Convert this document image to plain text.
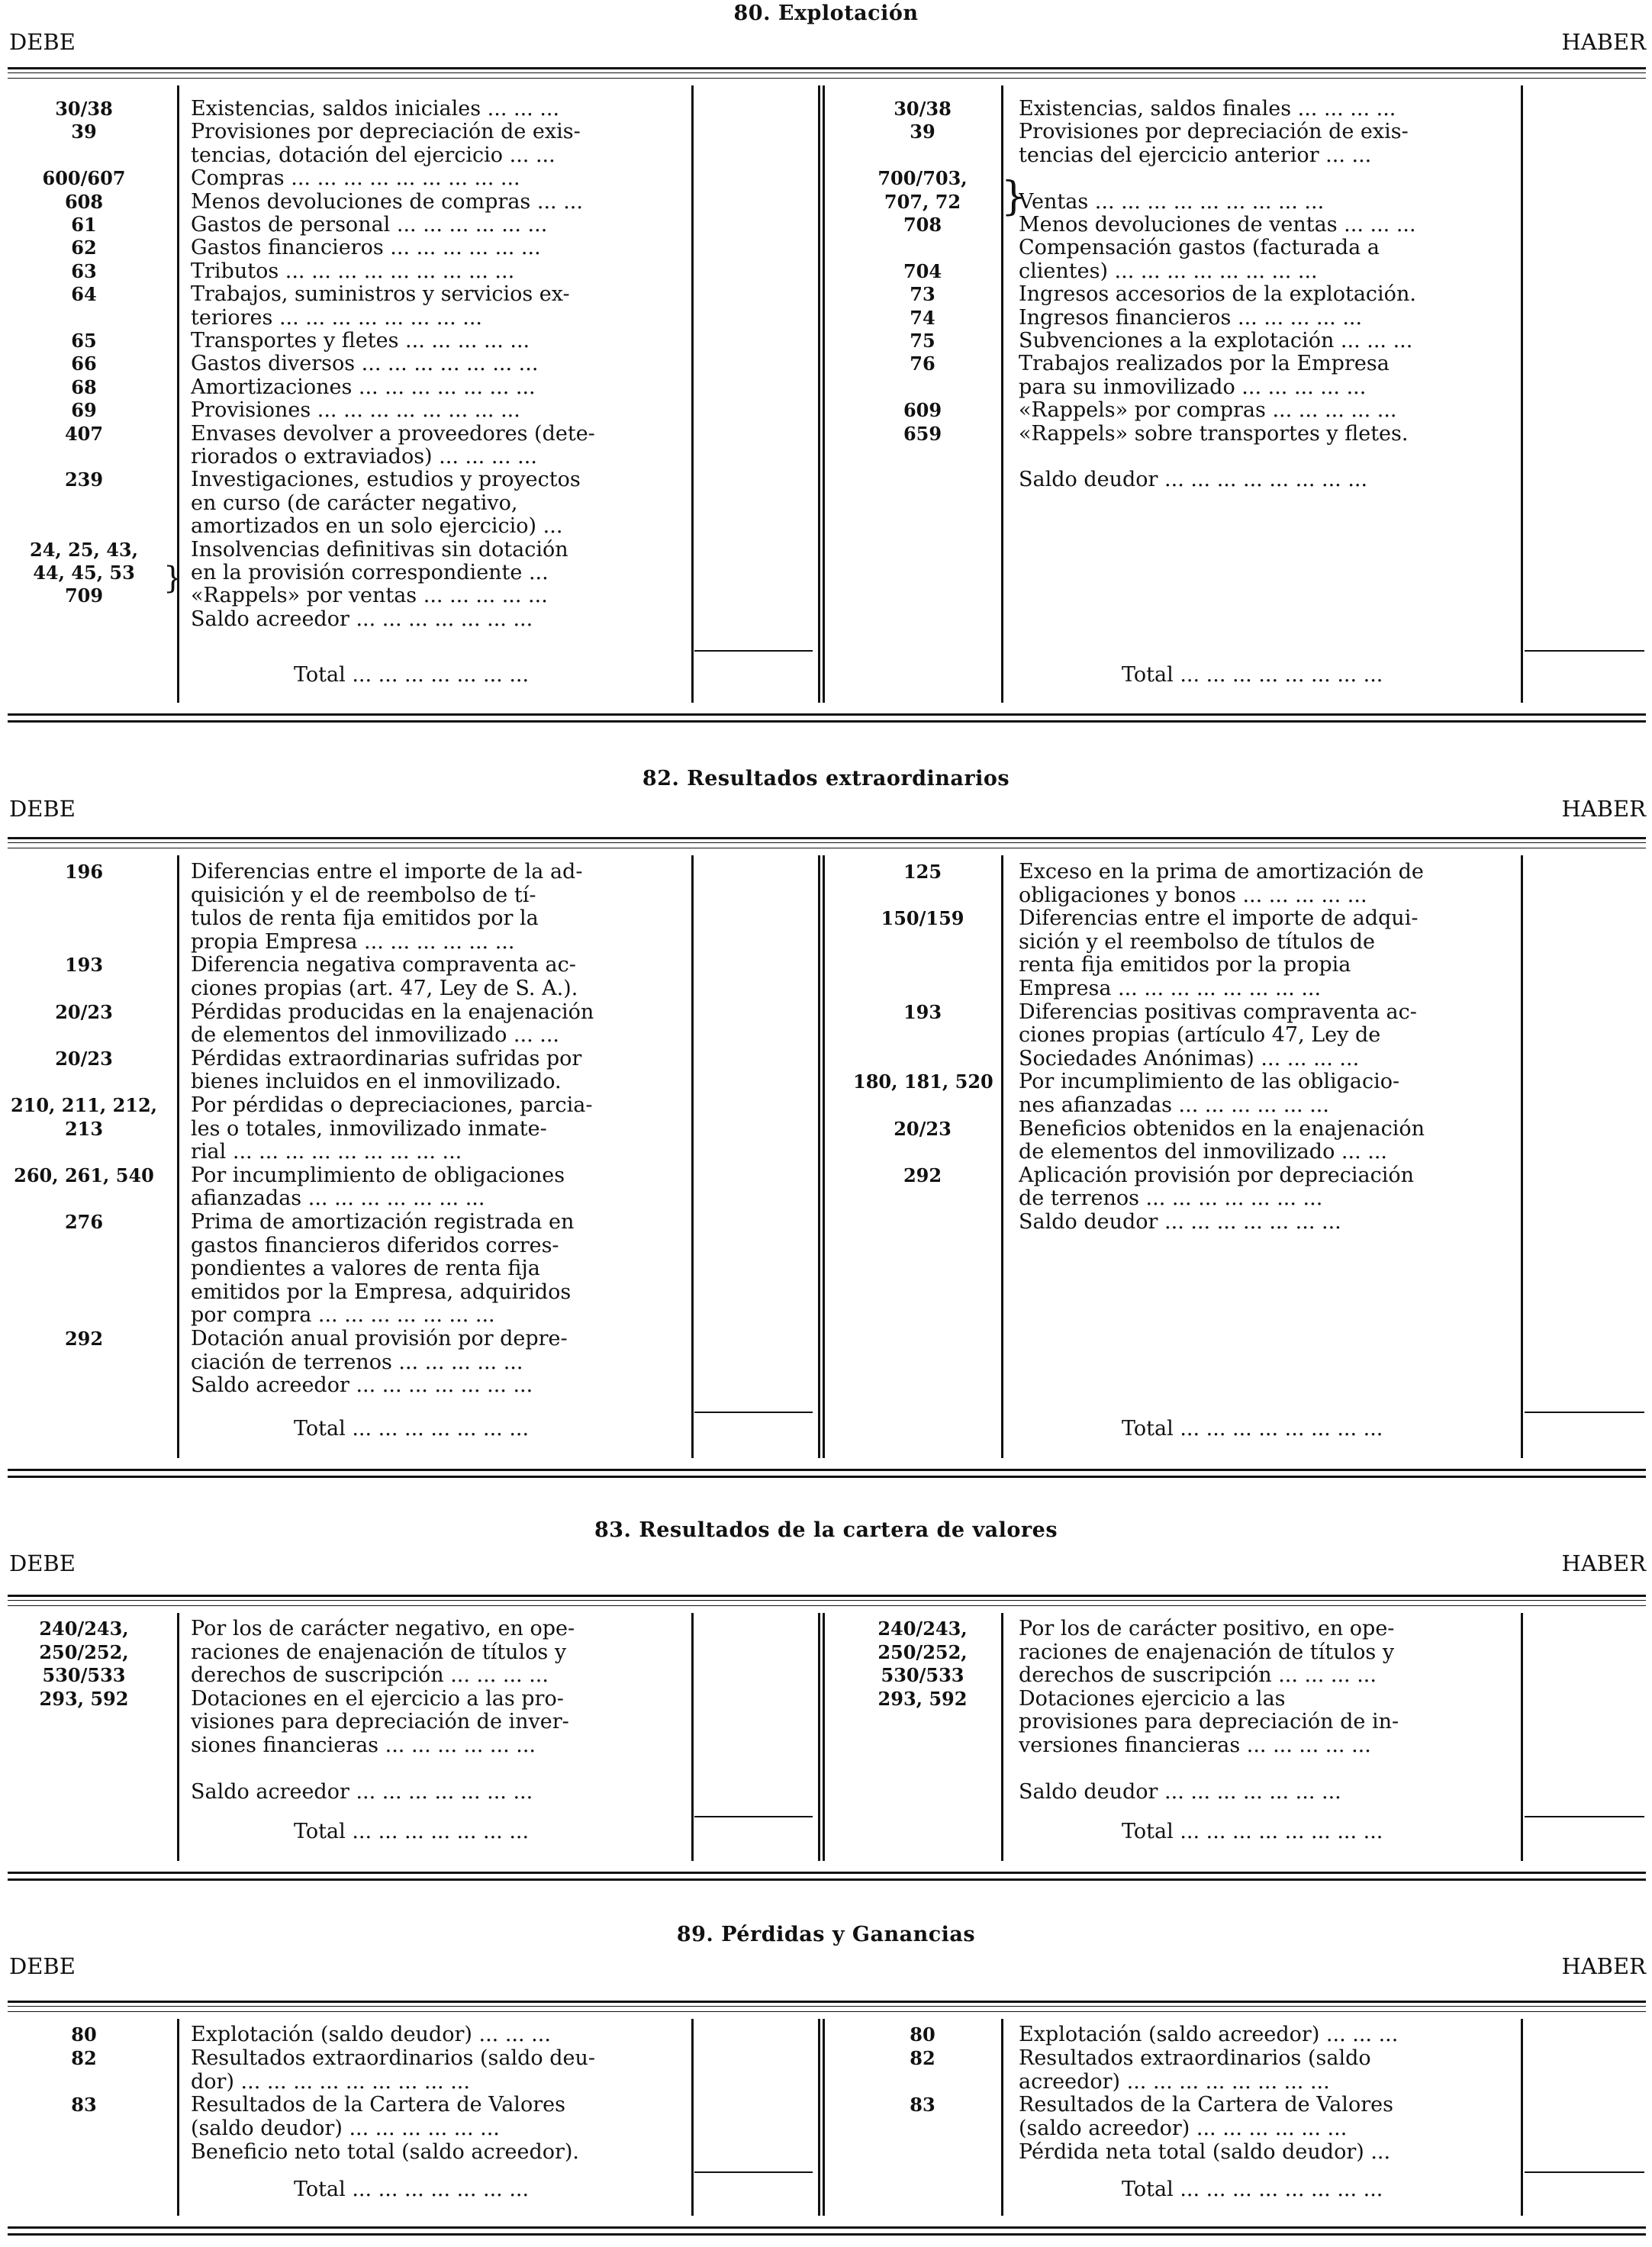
80. Explotación
DEBE	HABER
30/38	Existencias, saldos iniciales ... ... ...
39	Provisiones por depreciación de exis-
tencias, dotación del ejercicio ... ...
600/607	Compras ... ... ... ... ... ... ... ... ...
608	Menos devoluciones de compras ... ...
61	Gastos de personal ... ... ... ... ... ...
62	Gastos financieros ... ... ... ... ... ...
63	Tributos ... ... ... ... ... ... ... ... ...
64	Trabajos, suministros y servicios ex-
teriores ... ... ... ... ... ... ... ...
65	Transportes y fletes ... ... ... ... ...
66	Gastos diversos ... ... ... ... ... ... ...
68	Amortizaciones ... ... ... ... ... ... ...
69	Provisiones ... ... ... ... ... ... ... ...
407	Envases devolver a proveedores (dete-
riorados o extraviados) ... ... ... ...
239	Investigaciones, estudios y proyectos
en curso (de carácter negativo,
amortizados en un solo ejercicio) ...
24, 25, 43,	Insolvencias definitivas sin dotación
44, 45, 53	en la provisión correspondiente ...
709	«Rappels» por ventas ... ... ... ... ...
Saldo acreedor ... ... ... ... ... ... ...
30/38	Existencias, saldos finales ... ... ... ...
39	Provisiones por depreciación de exis-
tencias del ejercicio anterior ... ...
700/703,
707, 72	Ventas ... ... ... ... ... ... ... ... ...
708	Menos devoluciones de ventas ... ... ...
Compensación gastos (facturada a
704	clientes) ... ... ... ... ... ... ... ...
73	Ingresos accesorios de la explotación.
74	Ingresos financieros ... ... ... ... ...
75	Subvenciones a la explotación ... ... ...
76	Trabajos realizados por la Empresa
para su inmovilizado ... ... ... ... ...
609	«Rappels» por compras ... ... ... ... ...
659	«Rappels» sobre transportes y fletes.
Saldo deudor ... ... ... ... ... ... ... ...
Total ... ... ... ... ... ... ...	Total ... ... ... ... ... ... ... ...
82. Resultados extraordinarios
DEBE	HABER
196	Diferencias entre el importe de la ad-
quisición y el de reembolso de tí-
tulos de renta fija emitidos por la
propia Empresa ... ... ... ... ... ...
193	Diferencia negativa compraventa ac-
ciones propias (art. 47, Ley de S. A.).
20/23	Pérdidas producidas en la enajenación
de elementos del inmovilizado ... ...
20/23	Pérdidas extraordinarias sufridas por
bienes incluidos en el inmovilizado.
210, 211, 212, Por pérdidas o depreciaciones, parcia-
213	les o totales, inmovilizado inmate-
rial ... ... ... ... ... ... ... ... ...
260, 261, 540	Por incumplimiento de obligaciones
afianzadas ... ... ... ... ... ... ...
276	Prima de amortización registrada en
gastos financieros diferidos corres-
pondientes a valores de renta fija
emitidos por la Empresa, adquiridos
por compra ... ... ... ... ... ... ...
292	Dotación anual provisión por depre-
ciación de terrenos ... ... ... ... ...
Saldo acreedor ... ... ... ... ... ... ...
125	Exceso en la prima de amortización de
obligaciones y bonos ... ... ... ... ...
150/159	Diferencias entre el importe de adqui-
sición y el reembolso de títulos de
renta fija emitidos por la propia
Empresa ... ... ... ... ... ... ... ...
193	Diferencias positivas compraventa ac-
ciones propias (artículo 47, Ley de
Sociedades Anónimas) ... ... ... ...
180, 181, 520 Por incumplimiento de las obligacio-
nes afianzadas ... ... ... ... ... ...
20/23	Beneficios obtenidos en la enajenación
de elementos del inmovilizado ... ...
292	Aplicación provisión por depreciación
de terrenos ... ... ... ... ... ... ...
Saldo deudor ... ... ... ... ... ... ...
Total ... ... ... ... ... ... ...	Total ... ... ... ... ... ... ... ...
83. Resultados de la cartera de valores
DEBE	HABER
240/243,	Por los de carácter negativo, en ope-
250/252,	raciones de enajenación de títulos y
530/533	derechos de suscripción ... ... ... ...
293, 592	Dotaciones en el ejercicio a las pro-
visiones para depreciación de inver-
siones financieras ... ... ... ... ... ...
Saldo acreedor ... ... ... ... ... ... ...
240/243,	Por los de carácter positivo, en ope-
250/252,	raciones de enajenación de títulos y
530/533	derechos de suscripción ... ... ... ...
293, 592	Dotaciones ejercicio a las
provisiones para depreciación de in-
versiones financieras ... ... ... ... ...
Saldo deudor ... ... ... ... ... ... ...
Total ... ... ... ... ... ... ...	Total ... ... ... ... ... ... ... ...
89. Pérdidas y Ganancias
DEBE	HABER
80	Explotación (saldo deudor) ... ... ...
82	Resultados extraordinarios (saldo deu-
dor) ... ... ... ... ... ... ... ... ...
83	Resultados de la Cartera de Valores
(saldo deudor) ... ... ... ... ... ...
Beneficio neto total (saldo acreedor).
80	Explotación (saldo acreedor) ... ... ...
82	Resultados extraordinarios (saldo
acreedor) ... ... ... ... ... ... ... ...
83	Resultados de la Cartera de Valores
(saldo acreedor) ... ... ... ... ... ...
Pérdida neta total (saldo deudor) ...
Total ... ... ... ... ... ... ...	Total ... ... ... ... ... ... ... ...
}
}
